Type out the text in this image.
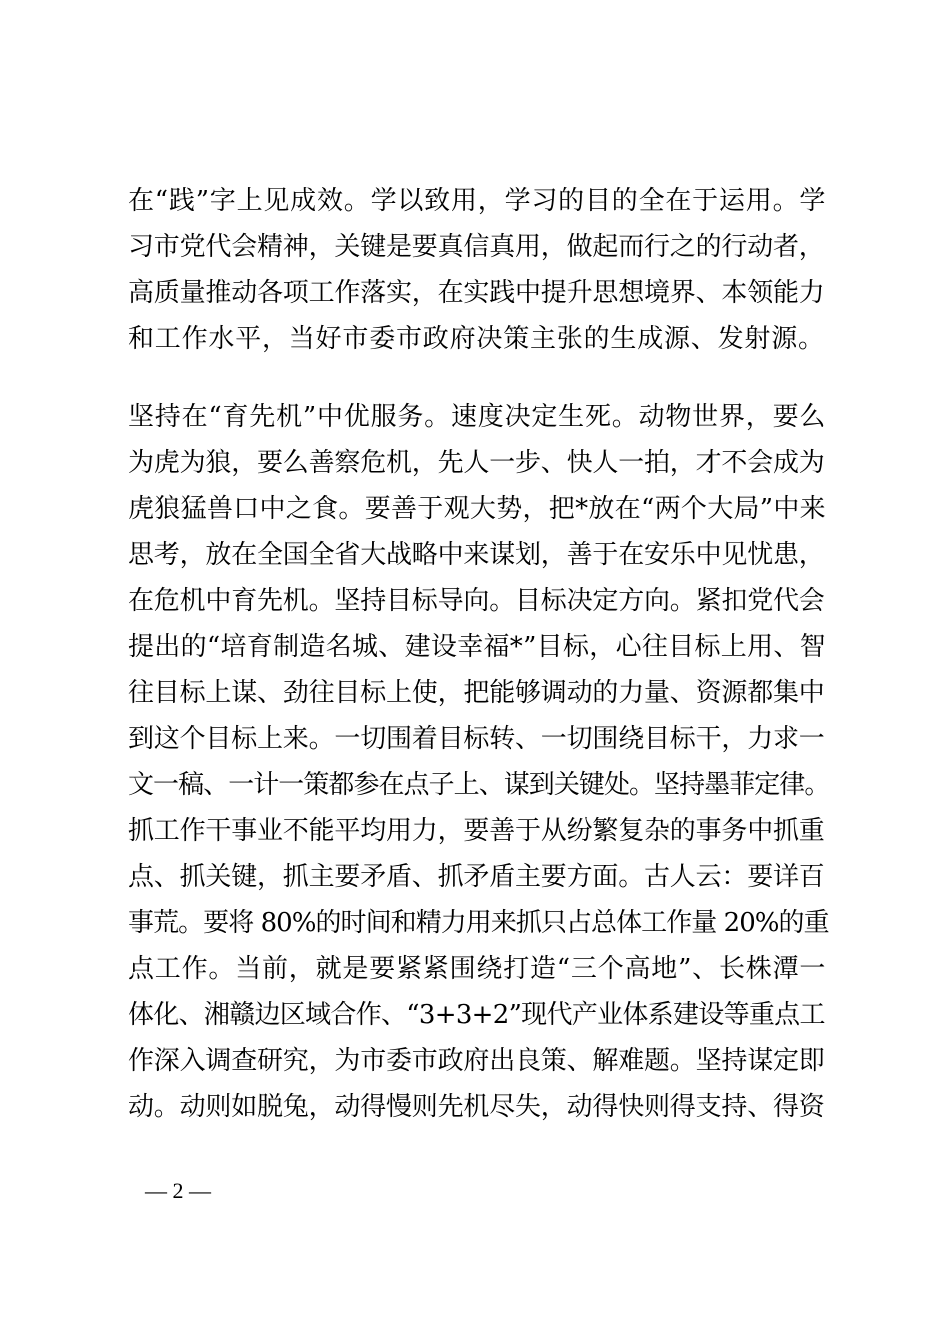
在“践”字上见成效。学以致用，学习的目的全在于运用。学
习市党代会精神，关键是要真信真用，做起而行之的行动者，
高质量推动各项工作落实，在实践中提升思想境界、本领能力
和工作水平，当好市委市政府决策主张的生成源、发射源。
坚持在“育先机”中优服务。速度决定生死。动物世界，要么
为虎为狼，要么善察危机，先人一步、快人一拍，才不会成为
虎狼猛兽口中之食。要善于观大势，把*放在“两个大局”中来
思考，放在全国全省大战略中来谋划，善于在安乐中见忧患，
在危机中育先机。坚持目标导向。目标决定方向。紧扣党代会
提出的“培育制造名城、建设幸福*”目标，心往目标上用、智
往目标上谋、劲往目标上使，把能够调动的力量、资源都集中
到这个目标上来。一切围着目标转、一切围绕目标干，力求一
文一稿、一计一策都参在点子上、谋到关键处。坚持墨菲定律。
抓工作干事业不能平均用力，要善于从纷繁复杂的事务中抓重
点、抓关键，抓主要矛盾、抓矛盾主要方面。古人云：要详百
事荒。要将 80%的时间和精力用来抓只占总体工作量 20%的重
点工作。当前，就是要紧紧围绕打造“三个高地”、长株潭一
体化、湘赣边区域合作、“3+3+2”现代产业体系建设等重点工
作深入调查研究，为市委市政府出良策、解难题。坚持谋定即
动。动则如脱兔，动得慢则先机尽失，动得快则得支持、得资
— 2 —
